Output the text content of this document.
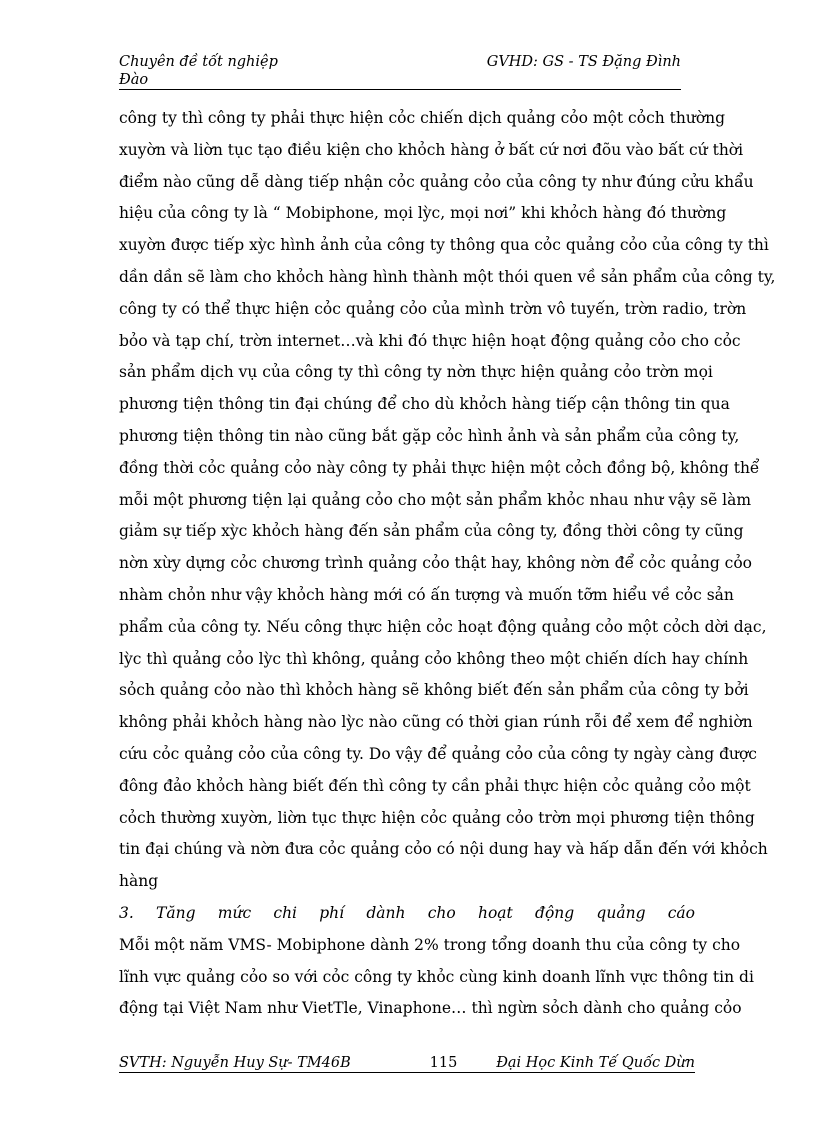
Chuyên đề tốt nghiệp	GVHD: GS - TS Đặng Đình
Đào
công ty thì công ty phải thực hiện cỏc chiến dịch quảng cỏo một cỏch thường
xuyờn và liờn tục tạo điều kiện cho khỏch hàng ở bất cứ nơi đõu vào bất cứ thời
điểm nào cũng dễ dàng tiếp nhận cỏc quảng cỏo của công ty như đúng cửu khẩu
hiệu của công ty là “ Mobiphone, mọi lỳc, mọi nơi” khi khỏch hàng đó thường
xuyờn được tiếp xỳc hình ảnh của công ty thông qua cỏc quảng cỏo của công ty thì
dần dần sẽ làm cho khỏch hàng hình thành một thói quen về sản phẩm của công ty,
công ty có thể thực hiện cỏc quảng cỏo của mình trờn vô tuyến, trờn radio, trờn
bỏo và tạp chí, trờn internet…và khi đó thực hiện hoạt động quảng cỏo cho cỏc
sản phẩm dịch vụ của công ty thì công ty nờn thực hiện quảng cỏo trờn mọi
phương tiện thông tin đại chúng để cho dù khỏch hàng tiếp cận thông tin qua
phương tiện thông tin nào cũng bắt gặp cỏc hình ảnh và sản phẩm của công ty,
đồng thời cỏc quảng cỏo này công ty phải thực hiện một cỏch đồng bộ, không thể
mỗi một phương tiện lại quảng cỏo cho một sản phẩm khỏc nhau như vậy sẽ làm
giảm sự tiếp xỳc khỏch hàng đến sản phẩm của công ty, đồng thời công ty cũng
nờn xừy dựng cỏc chương trình quảng cỏo thật hay, không nờn để cỏc quảng cỏo
nhàm chỏn như vậy khỏch hàng mới có ấn tượng và muốn tỡm hiểu về cỏc sản
phẩm của công ty. Nếu công thực hiện cỏc hoạt động quảng cỏo một cỏch dời dạc,
lỳc thì quảng cỏo lỳc thì không, quảng cỏo không theo một chiến dích hay chính
sỏch quảng cỏo nào thì khỏch hàng sẽ không biết đến sản phẩm của công ty bởi
không phải khỏch hàng nào lỳc nào cũng có thời gian rúnh rỗi để xem để nghiờn
cứu cỏc quảng cỏo của công ty. Do vậy để quảng cỏo của công ty ngày càng được
đông đảo khỏch hàng biết đến thì công ty cần phải thực hiện cỏc quảng cỏo một
cỏch thường xuyờn, liờn tục thực hiện cỏc quảng cỏo trờn mọi phương tiện thông
tin đại chúng và nờn đưa cỏc quảng cỏo có nội dung hay và hấp dẫn đến với khỏch
hàng
3. Tăng mức chi phí dành cho hoạt động quảng cáo
Mỗi một năm VMS- Mobiphone dành 2% trong tổng doanh thu của công ty cho
lĩnh vực quảng cỏo so với cỏc công ty khỏc cùng kinh doanh lĩnh vực thông tin di
động tại Việt Nam như VietTle, Vinaphone… thì ngừn sỏch dành cho quảng cỏo
SVTH: Nguyễn Huy Sự- TM46B	115	Đại Học Kinh Tế Quốc Dừn
